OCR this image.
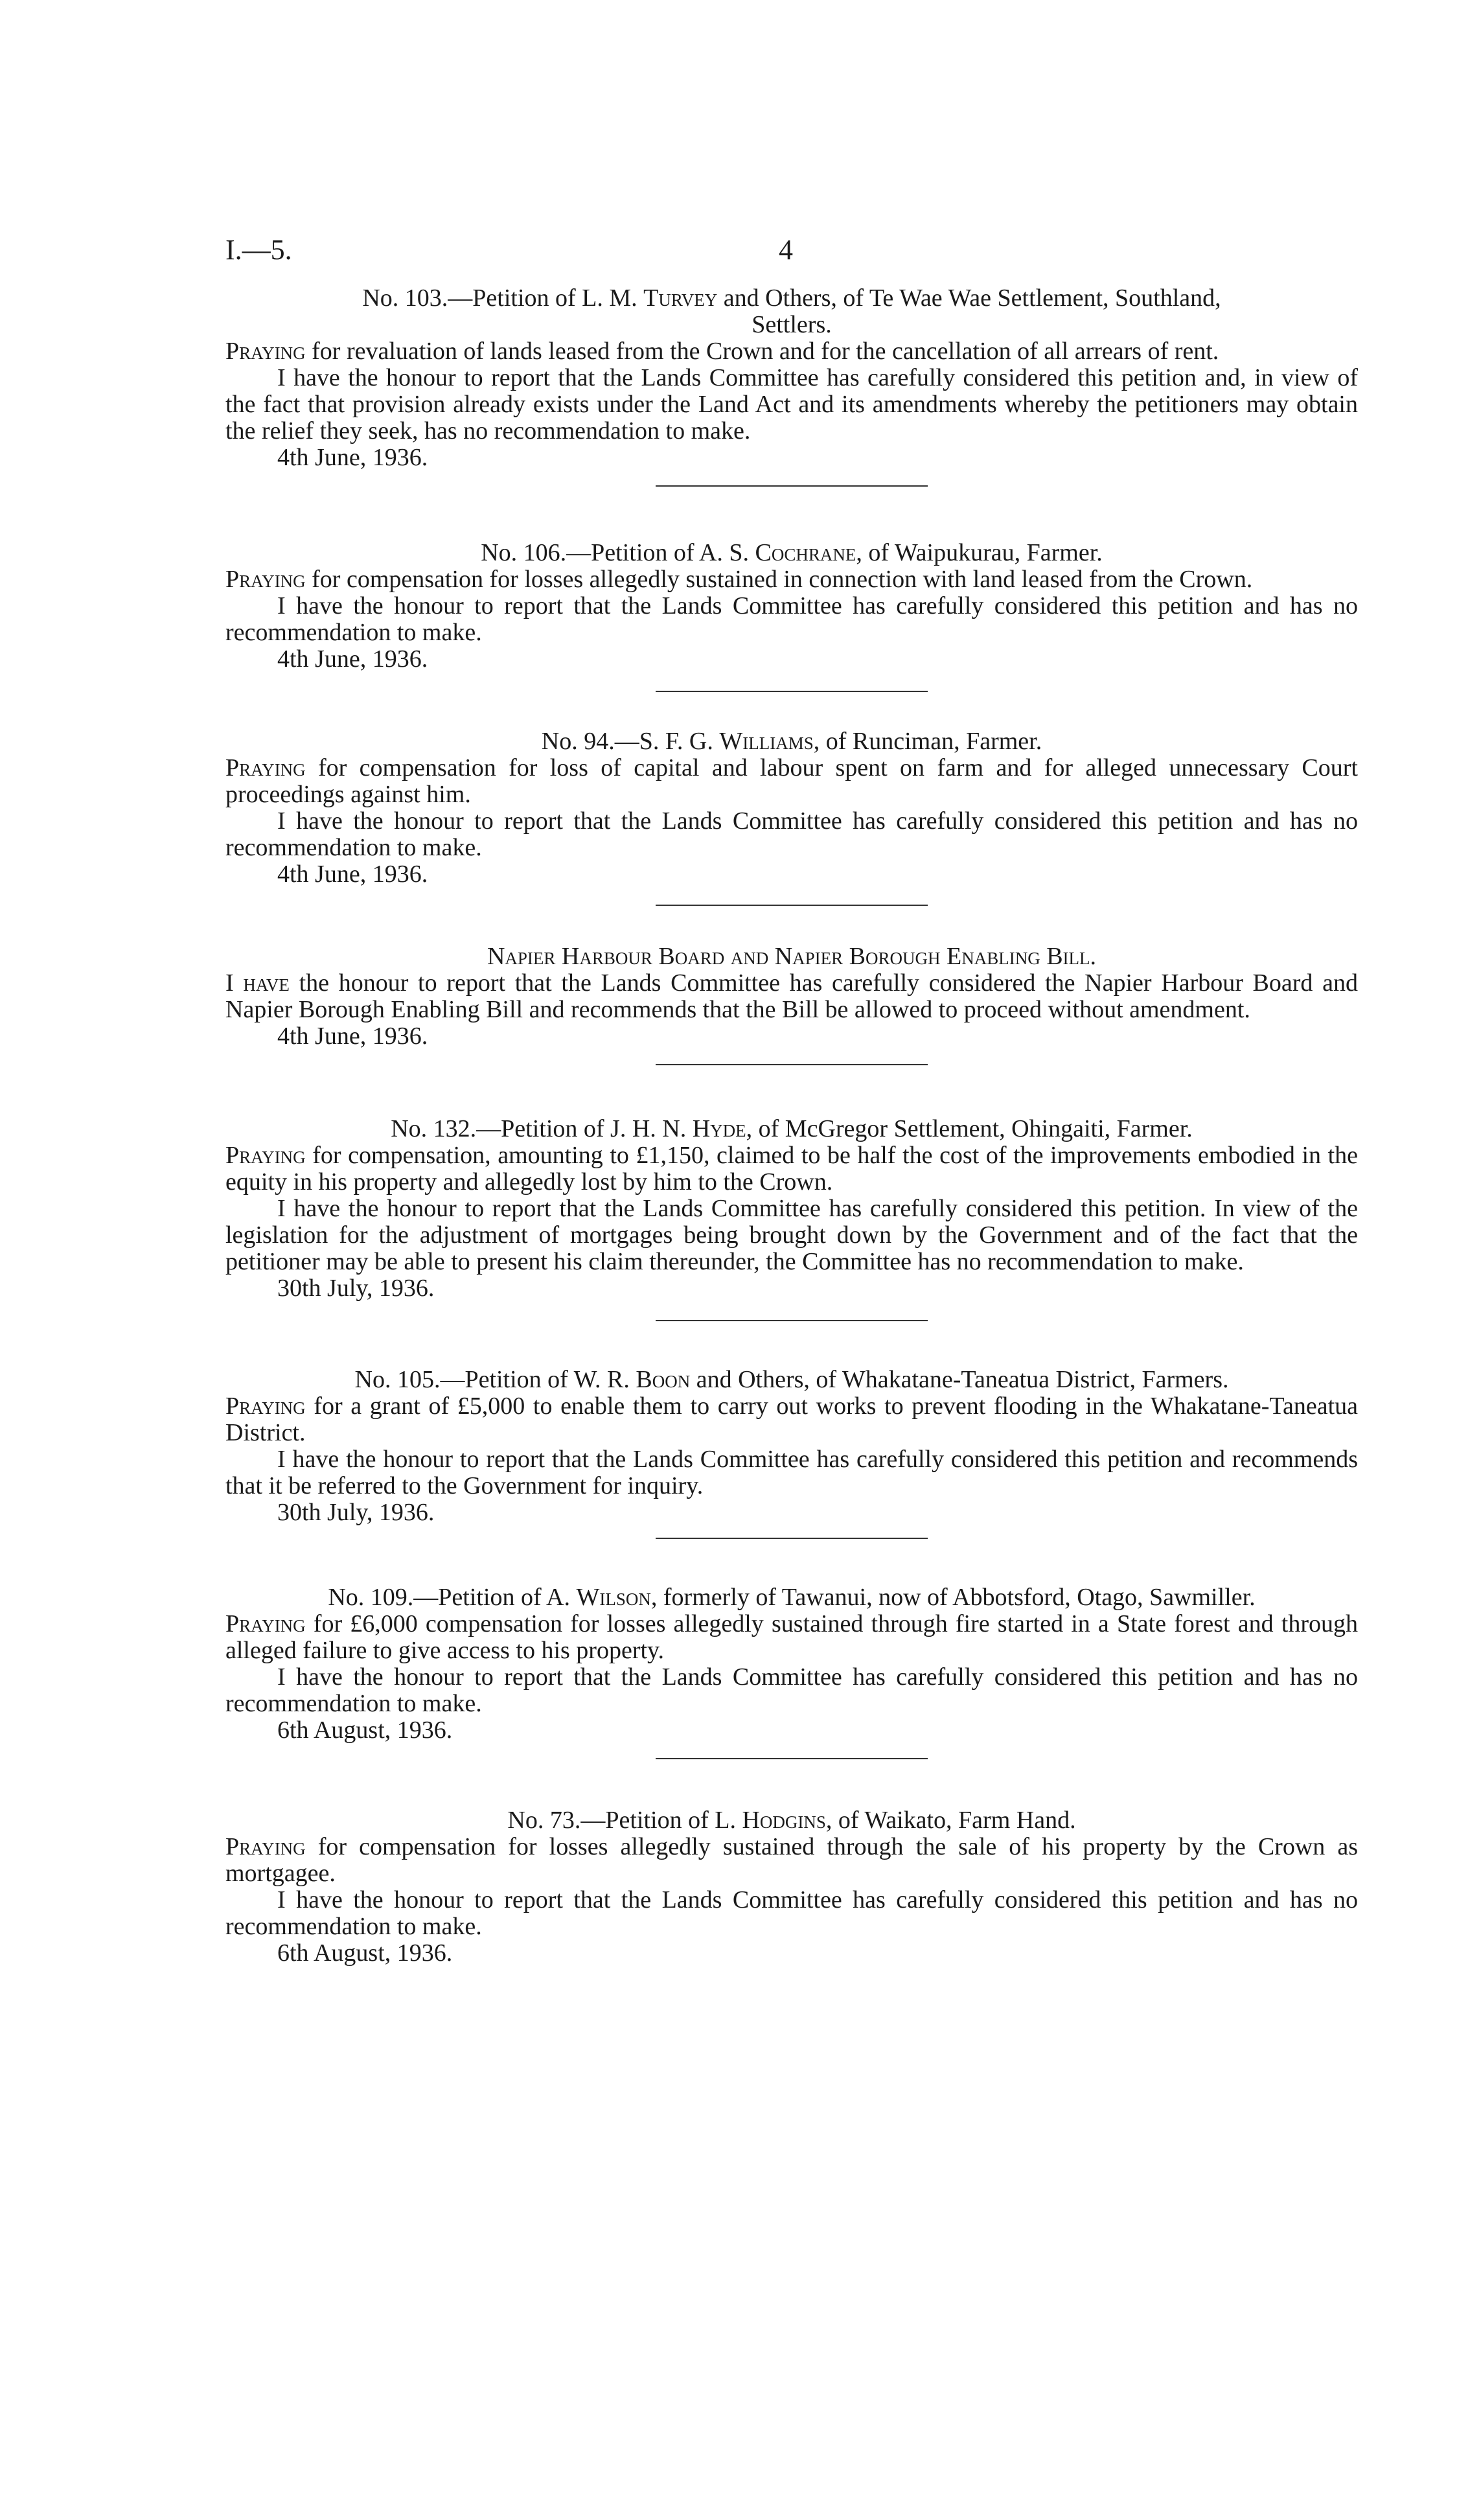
I.—5.	4
No. 103.—Petition of L. M. Turvey and Others, of Te Wae Wae Settlement, Southland,
Settlers.

Praying for revaluation of lands leased from the Crown and for the cancellation of all arrears of rent.

I have the honour to report that the Lands Committee has carefully considered this petition and, in view of the fact that provision already exists under the Land Act and its amendments whereby the petitioners may obtain the relief they seek, has no recommendation to make.

4th June, 1936.

No. 106.—Petition of A. S. Cochrane, of Waipukurau, Farmer.

Praying for compensation for losses allegedly sustained in connection with land leased from the Crown.

I have the honour to report that the Lands Committee has carefully considered this petition and has no recommendation to make.

4th June, 1936.

No. 94.—S. F. G. Williams, of Runciman, Farmer.

Praying for compensation for loss of capital and labour spent on farm and for alleged unnecessary Court proceedings against him.

I have the honour to report that the Lands Committee has carefully considered this petition and has no recommendation to make.

4th June, 1936.

Napier Harbour Board and Napier Borough Enabling Bill.

I have the honour to report that the Lands Committee has carefully considered the Napier Harbour Board and Napier Borough Enabling Bill and recommends that the Bill be allowed to proceed without amendment.

4th June, 1936.

No. 132.—Petition of J. H. N. Hyde, of McGregor Settlement, Ohingaiti, Farmer.

Praying for compensation, amounting to £1,150, claimed to be half the cost of the improvements embodied in the equity in his property and allegedly lost by him to the Crown.

I have the honour to report that the Lands Committee has carefully considered this petition. In view of the legislation for the adjustment of mortgages being brought down by the Government and of the fact that the petitioner may be able to present his claim thereunder, the Committee has no recommendation to make.

30th July, 1936.

No. 105.—Petition of W. R. Boon and Others, of Whakatane-Taneatua District, Farmers.

Praying for a grant of £5,000 to enable them to carry out works to prevent flooding in the Whakatane-Taneatua District.

I have the honour to report that the Lands Committee has carefully considered this petition and recommends that it be referred to the Government for inquiry.

30th July, 1936.

No. 109.—Petition of A. Wilson, formerly of Tawanui, now of Abbotsford, Otago, Sawmiller.

Praying for £6,000 compensation for losses allegedly sustained through fire started in a State forest and through alleged failure to give access to his property.

I have the honour to report that the Lands Committee has carefully considered this petition and has no recommendation to make.

6th August, 1936.

No. 73.—Petition of L. Hodgins, of Waikato, Farm Hand.

Praying for compensation for losses allegedly sustained through the sale of his property by the Crown as mortgagee.

I have the honour to report that the Lands Committee has carefully considered this petition and has no recommendation to make.

6th August, 1936.
